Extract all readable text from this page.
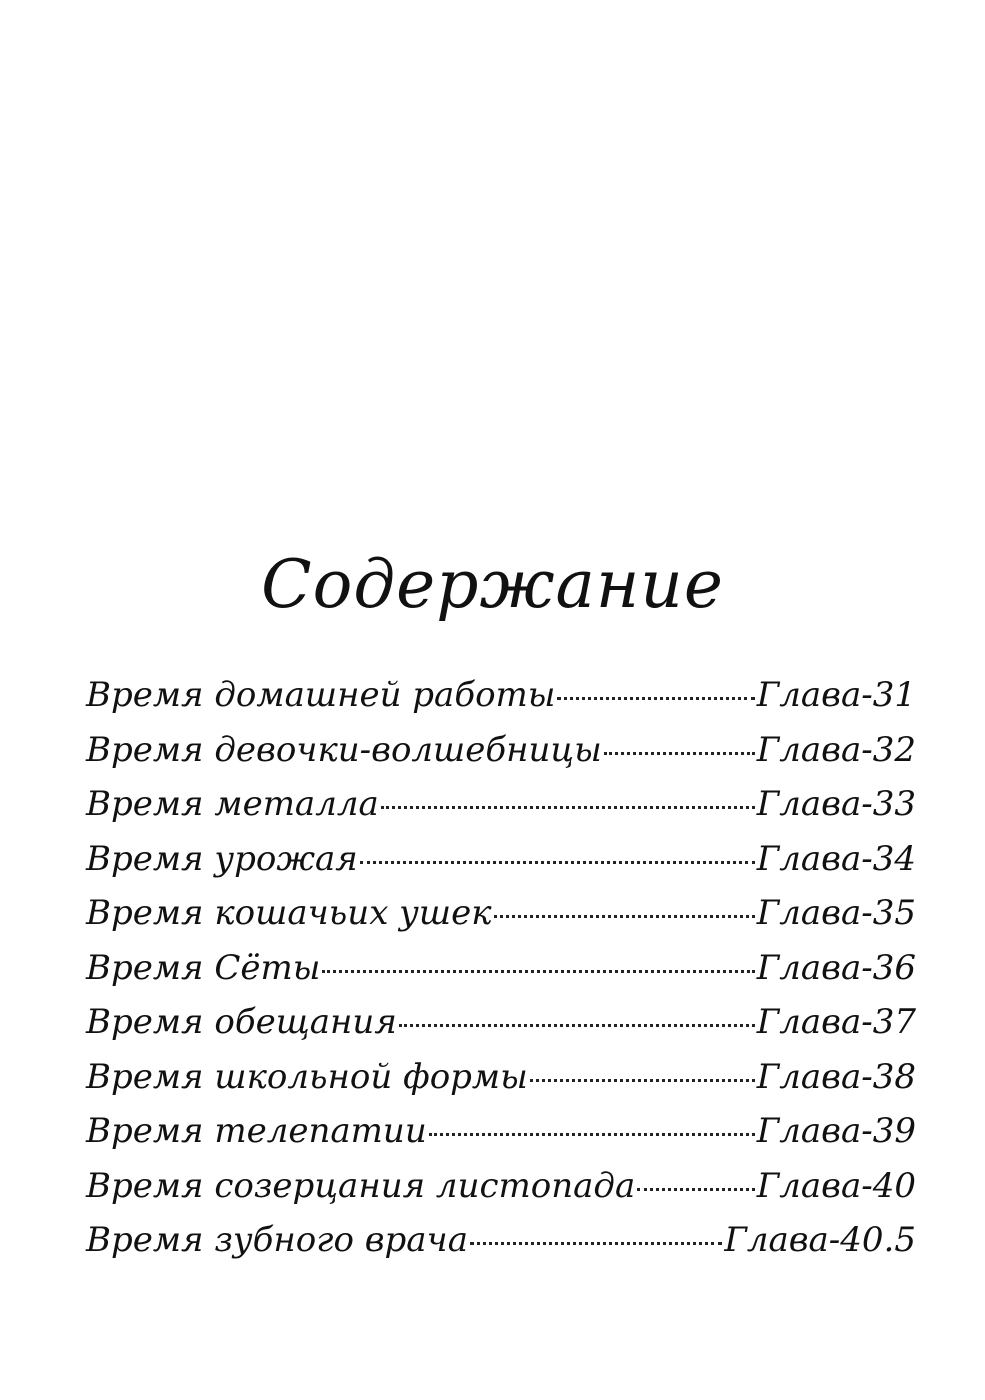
Содержание
Время домашней работы	Глава-31
Время девочки-волшебницы	Глава-32
Время металла	Глава-33
Время урожая	Глава-34
Время кошачьих ушек	Глава-35
Время Сёты	Глава-36
Время обещания	Глава-37
Время школьной формы	Глава-38
Время телепатии	Глава-39
Время созерцания листопада	Глава-40
Время зубного врача	Глава-40.5
